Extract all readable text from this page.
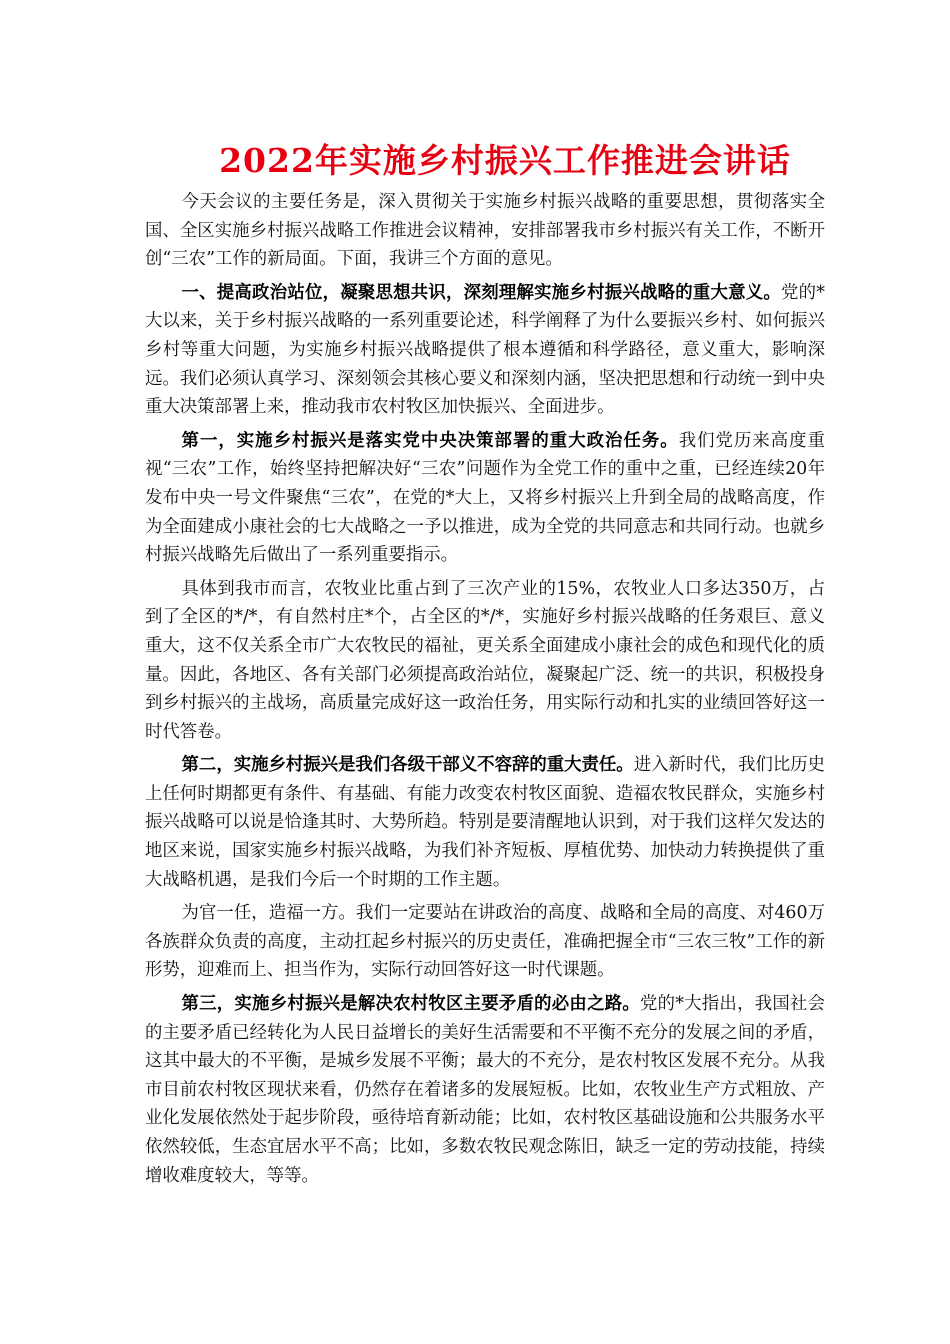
2022年实施乡村振兴工作推进会讲话

今天会议的主要任务是，深入贯彻关于实施乡村振兴战略的重要思想，贯彻落实全国、全区实施乡村振兴战略工作推进会议精神，安排部署我市乡村振兴有关工作，不断开创“三农”工作的新局面。下面，我讲三个方面的意见。

一、提高政治站位，凝聚思想共识，深刻理解实施乡村振兴战略的重大意义。党的*大以来，关于乡村振兴战略的一系列重要论述，科学阐释了为什么要振兴乡村、如何振兴乡村等重大问题，为实施乡村振兴战略提供了根本遵循和科学路径，意义重大，影响深远。我们必须认真学习、深刻领会其核心要义和深刻内涵，坚决把思想和行动统一到中央重大决策部署上来，推动我市农村牧区加快振兴、全面进步。

第一，实施乡村振兴是落实党中央决策部署的重大政治任务。我们党历来高度重视“三农”工作，始终坚持把解决好“三农”问题作为全党工作的重中之重，已经连续20年发布中央一号文件聚焦“三农”，在党的*大上，又将乡村振兴上升到全局的战略高度，作为全面建成小康社会的七大战略之一予以推进，成为全党的共同意志和共同行动。也就乡村振兴战略先后做出了一系列重要指示。

具体到我市而言，农牧业比重占到了三次产业的15%，农牧业人口多达350万，占到了全区的*/*，有自然村庄*个，占全区的*/*，实施好乡村振兴战略的任务艰巨、意义重大，这不仅关系全市广大农牧民的福祉，更关系全面建成小康社会的成色和现代化的质量。因此，各地区、各有关部门必须提高政治站位，凝聚起广泛、统一的共识，积极投身到乡村振兴的主战场，高质量完成好这一政治任务，用实际行动和扎实的业绩回答好这一时代答卷。

第二，实施乡村振兴是我们各级干部义不容辞的重大责任。进入新时代，我们比历史上任何时期都更有条件、有基础、有能力改变农村牧区面貌、造福农牧民群众，实施乡村振兴战略可以说是恰逢其时、大势所趋。特别是要清醒地认识到，对于我们这样欠发达的地区来说，国家实施乡村振兴战略，为我们补齐短板、厚植优势、加快动力转换提供了重大战略机遇，是我们今后一个时期的工作主题。

为官一任，造福一方。我们一定要站在讲政治的高度、战略和全局的高度、对460万各族群众负责的高度，主动扛起乡村振兴的历史责任，准确把握全市“三农三牧”工作的新形势，迎难而上、担当作为，实际行动回答好这一时代课题。

第三，实施乡村振兴是解决农村牧区主要矛盾的必由之路。党的*大指出，我国社会的主要矛盾已经转化为人民日益增长的美好生活需要和不平衡不充分的发展之间的矛盾，这其中最大的不平衡，是城乡发展不平衡；最大的不充分，是农村牧区发展不充分。从我市目前农村牧区现状来看，仍然存在着诸多的发展短板。比如，农牧业生产方式粗放、产业化发展依然处于起步阶段，亟待培育新动能；比如，农村牧区基础设施和公共服务水平依然较低，生态宜居水平不高；比如，多数农牧民观念陈旧，缺乏一定的劳动技能，持续增收难度较大，等等。
